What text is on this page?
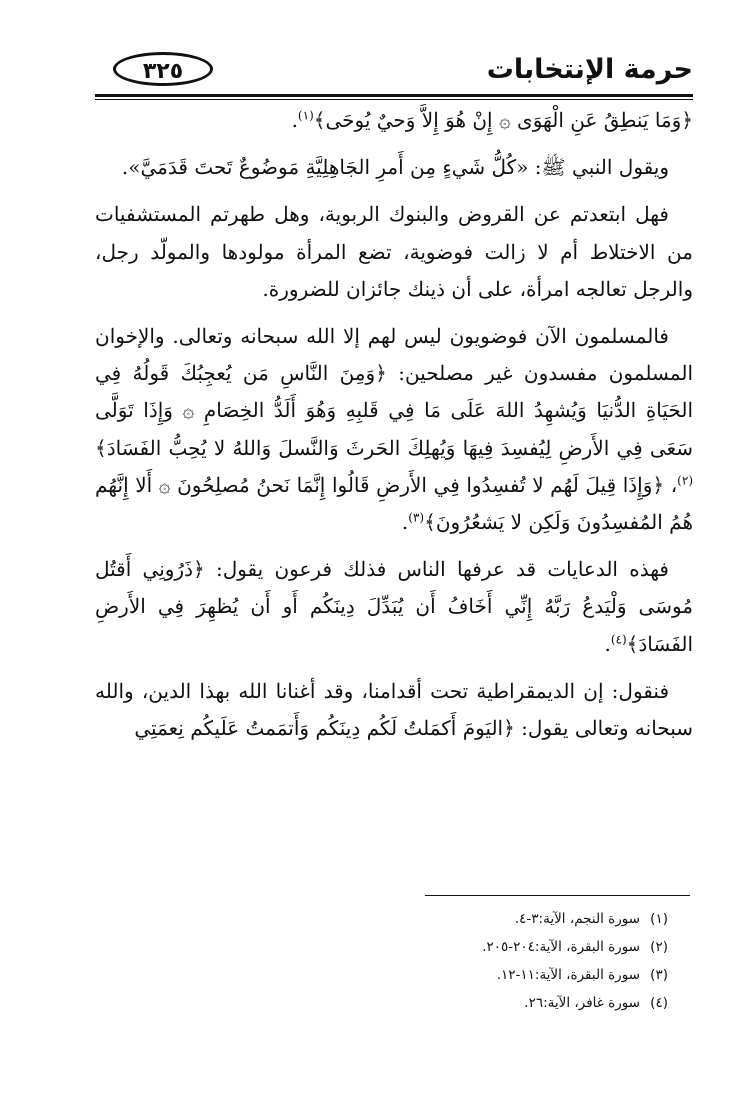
حرمة الإنتخابات
٣٢٥

﴿وَمَا يَنطِقُ عَنِ الْهَوَى ۞ إِنْ هُوَ إِلاَّ وَحيٌ يُوحَى﴾$^{(١)}$.

ويقول النبي ﷺ: «كُلُّ شَيءٍ مِن أَمرِ الجَاهِلِيَّةِ مَوضُوعٌ تَحتَ قَدَمَيَّ».

فهل ابتعدتم عن القروض والبنوك الربوية، وهل طهرتم المستشفيات من الاختلاط أم لا زالت فوضوية، تضع المرأة مولودها والمولّد رجل، والرجل تعالجه امرأة، على أن ذينك جائزان للضرورة.

فالمسلمون الآن فوضويون ليس لهم إلا الله سبحانه وتعالى. والإخوان المسلمون مفسدون غير مصلحين: ﴿وَمِنَ النَّاسِ مَن يُعجِبُكَ قَولُهُ فِي الحَيَاةِ الدُّنيَا وَيُشهِدُ اللهَ عَلَى مَا فِي قَلبِهِ وَهُوَ أَلَدُّ الخِصَامِ ۞ وَإِذَا تَوَلَّى سَعَى فِي الأَرضِ لِيُفسِدَ فِيهَا وَيُهلِكَ الحَرثَ وَالنَّسلَ وَاللهُ لا يُحِبُّ الفَسَادَ﴾$^{(٢)}$، ﴿وَإِذَا قِيلَ لَهُم لا تُفسِدُوا فِي الأَرضِ قَالُوا إِنَّمَا نَحنُ مُصلِحُونَ ۞ أَلا إِنَّهُم هُمُ المُفسِدُونَ وَلَكِن لا يَشعُرُونَ﴾$^{(٣)}$.

فهذه الدعايات قد عرفها الناس فذلك فرعون يقول: ﴿ذَرُونِي أَقتُل مُوسَى وَلْيَدعُ رَبَّهُ إِنِّي أَخَافُ أَن يُبَدِّلَ دِينَكُم أَو أَن يُظهِرَ فِي الأَرضِ الفَسَادَ﴾$^{(٤)}$.

فنقول: إن الديمقراطية تحت أقدامنا، وقد أغنانا الله بهذا الدين، والله سبحانه وتعالى يقول: ﴿اليَومَ أَكمَلتُ لَكُم دِينَكُم وَأَتمَمتُ عَلَيكُم نِعمَتِي

(١)سورة النجم، الآية:٣-٤.
(٢)سورة البقرة، الآية:٢٠٤-٢٠٥.
(٣)سورة البقرة، الآية:١١-١٢.
(٤)سورة غافر، الآية:٢٦.
